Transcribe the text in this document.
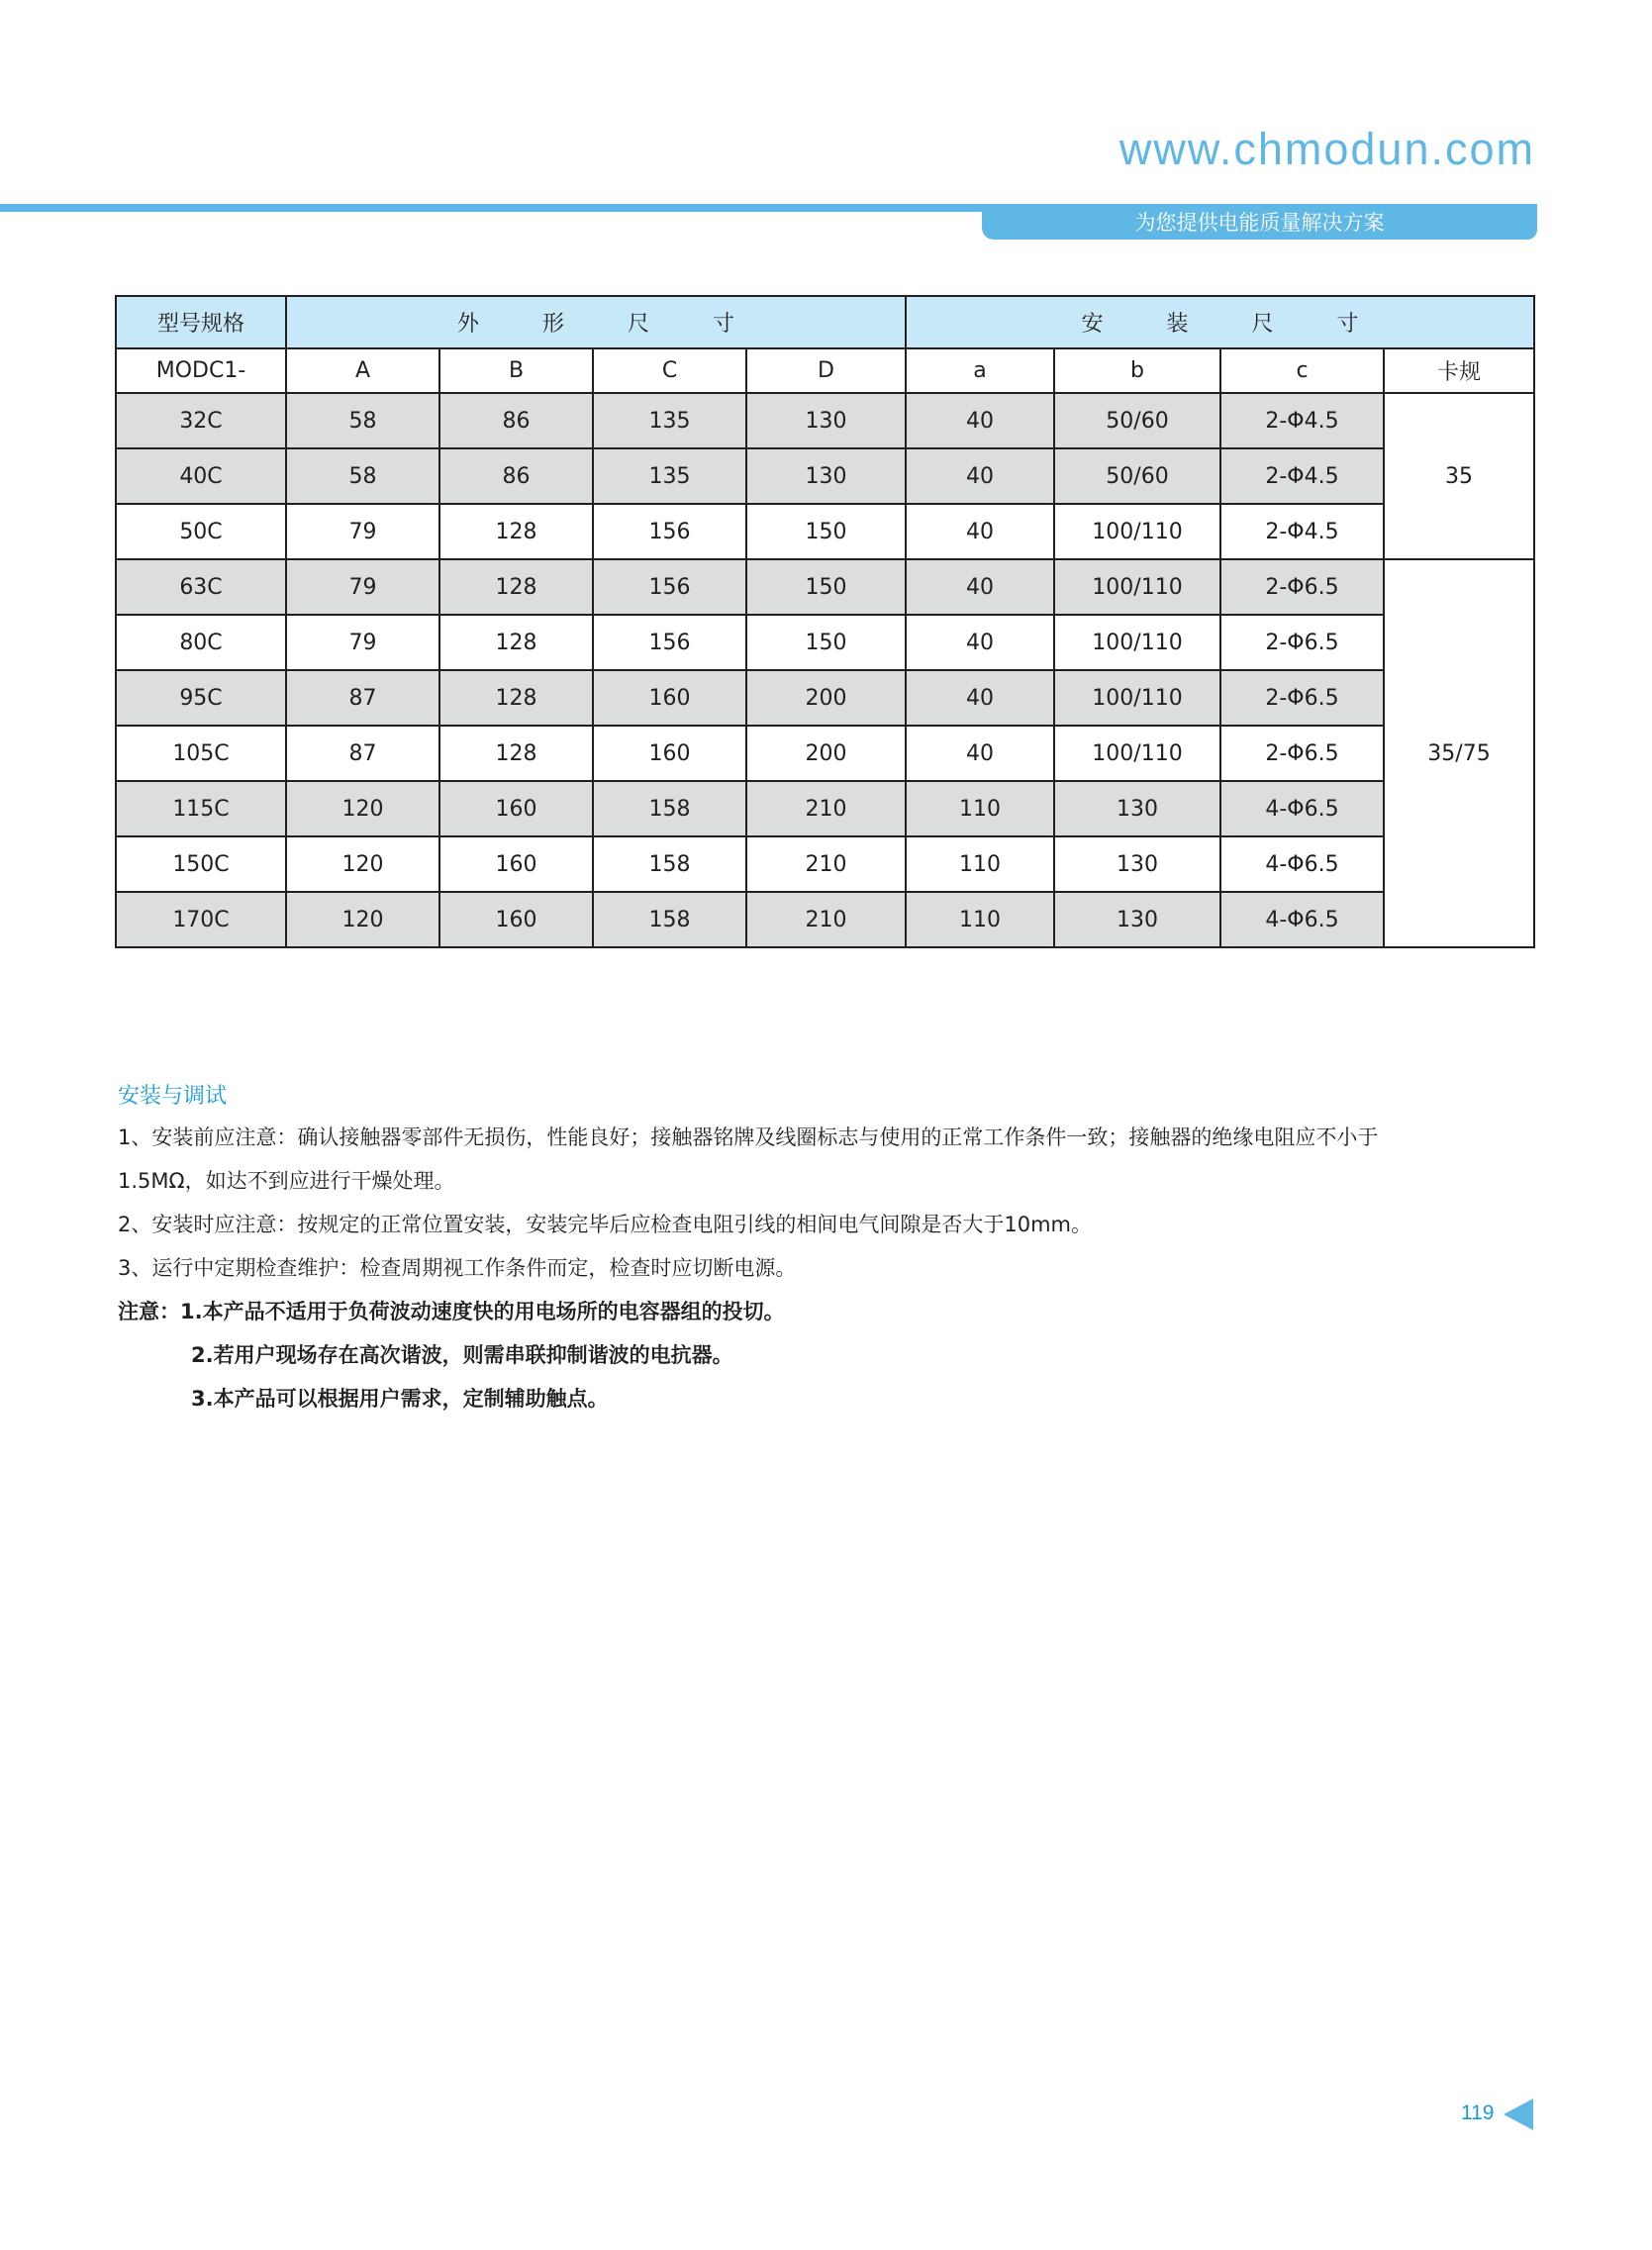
www.chmodun.com
为您提供电能质量解决方案
型号规格	外 形 尺 寸				安 装 尺 寸			
MODC1-	A	B	C	D	a	b	c	卡规
32C	58	86	135	130	40	50/60	2-Φ4.5	35
40C	58	86	135	130	40	50/60	2-Φ4.5	
50C	79	128	156	150	40	100/110	2-Φ4.5	
63C	79	128	156	150	40	100/110	2-Φ6.5	35/75
80C	79	128	156	150	40	100/110	2-Φ6.5	
95C	87	128	160	200	40	100/110	2-Φ6.5	
105C	87	128	160	200	40	100/110	2-Φ6.5	
115C	120	160	158	210	110	130	4-Φ6.5	
150C	120	160	158	210	110	130	4-Φ6.5	
170C	120	160	158	210	110	130	4-Φ6.5	
安装与调试
1、安装前应注意：确认接触器零部件无损伤，性能良好；接触器铭牌及线圈标志与使用的正常工作条件一致；接触器的绝缘电阻应不小于
1.5MΩ，如达不到应进行干燥处理。
2、安装时应注意：按规定的正常位置安装，安装完毕后应检查电阻引线的相间电气间隙是否大于10mm。
3、运行中定期检查维护：检查周期视工作条件而定，检查时应切断电源。
注意：1.本产品不适用于负荷波动速度快的用电场所的电容器组的投切。
2.若用户现场存在高次谐波，则需串联抑制谐波的电抗器。
3.本产品可以根据用户需求，定制辅助触点。
119
